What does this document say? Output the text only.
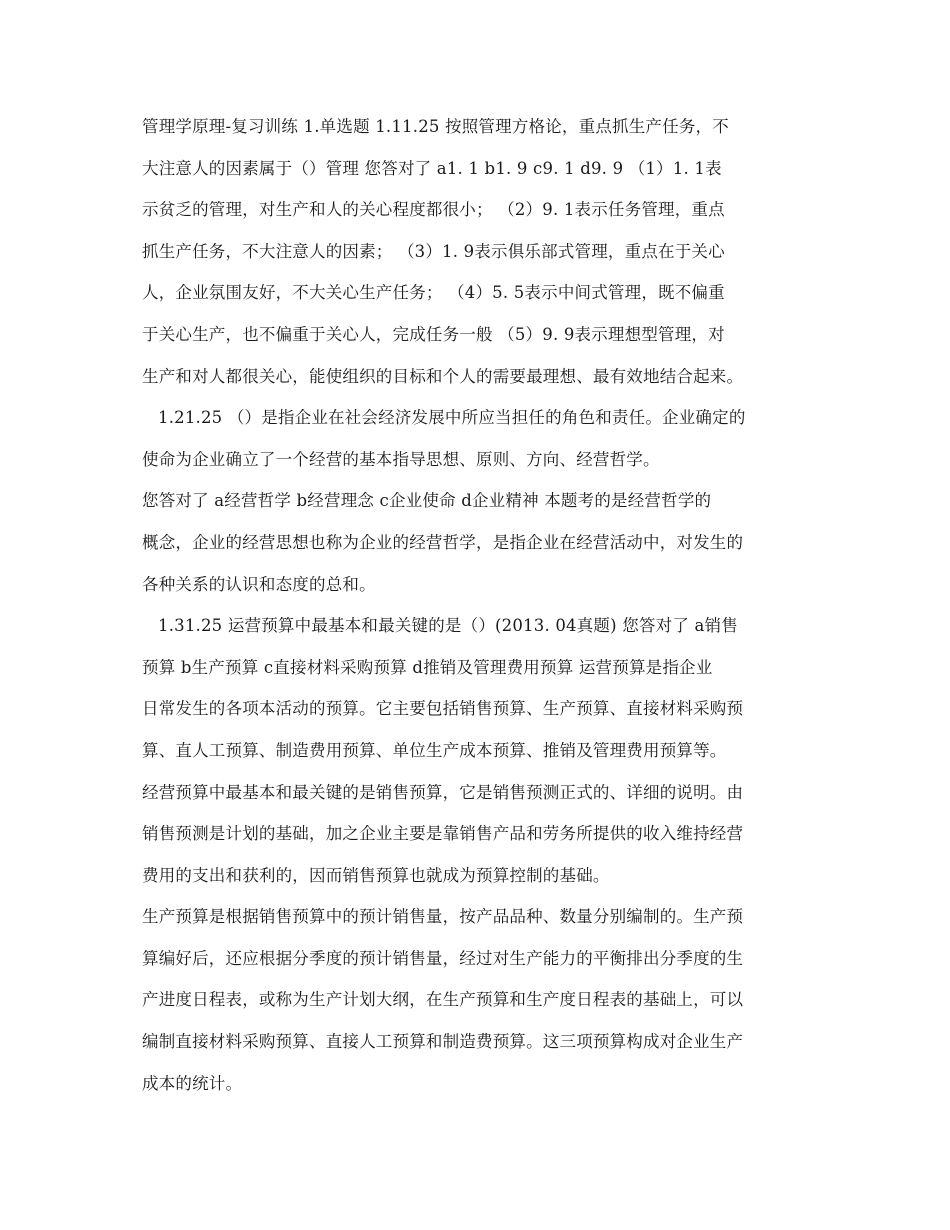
管理学原理-复习训练 1.单选题 1.11.25 按照管理方格论，重点抓生产任务，不
大注意人的因素属于（）管理 您答对了 a1. 1 b1. 9 c9. 1 d9. 9 （1）1. 1表
示贫乏的管理，对生产和人的关心程度都很小； （2）9. 1表示任务管理，重点
抓生产任务，不大注意人的因素； （3）1. 9表示俱乐部式管理，重点在于关心
人，企业氛围友好，不大关心生产任务； （4）5. 5表示中间式管理，既不偏重
于关心生产，也不偏重于关心人，完成任务一般 （5）9. 9表示理想型管理，对
生产和对人都很关心，能使组织的目标和个人的需要最理想、最有效地结合起来。
1.21.25 （）是指企业在社会经济发展中所应当担任的角色和责任。企业确定的
使命为企业确立了一个经营的基本指导思想、原则、方向、经营哲学。
您答对了 a经营哲学 b经营理念 c企业使命 d企业精神 本题考的是经营哲学的
概念，企业的经营思想也称为企业的经营哲学，是指企业在经营活动中，对发生的
各种关系的认识和态度的总和。
1.31.25 运营预算中最基本和最关键的是（）(2013. 04真题) 您答对了 a销售
预算 b生产预算 c直接材料采购预算 d推销及管理费用预算 运营预算是指企业
日常发生的各项本活动的预算。它主要包括销售预算、生产预算、直接材料采购预
算、直人工预算、制造费用预算、单位生产成本预算、推销及管理费用预算等。
经营预算中最基本和最关键的是销售预算，它是销售预测正式的、详细的说明。由
销售预测是计划的基础，加之企业主要是靠销售产品和劳务所提供的收入维持经营
费用的支出和获利的，因而销售预算也就成为预算控制的基础。
生产预算是根据销售预算中的预计销售量，按产品品种、数量分别编制的。生产预
算编好后，还应根据分季度的预计销售量，经过对生产能力的平衡排出分季度的生
产进度日程表，或称为生产计划大纲，在生产预算和生产度日程表的基础上，可以
编制直接材料采购预算、直接人工预算和制造费预算。这三项预算构成对企业生产
成本的统计。
